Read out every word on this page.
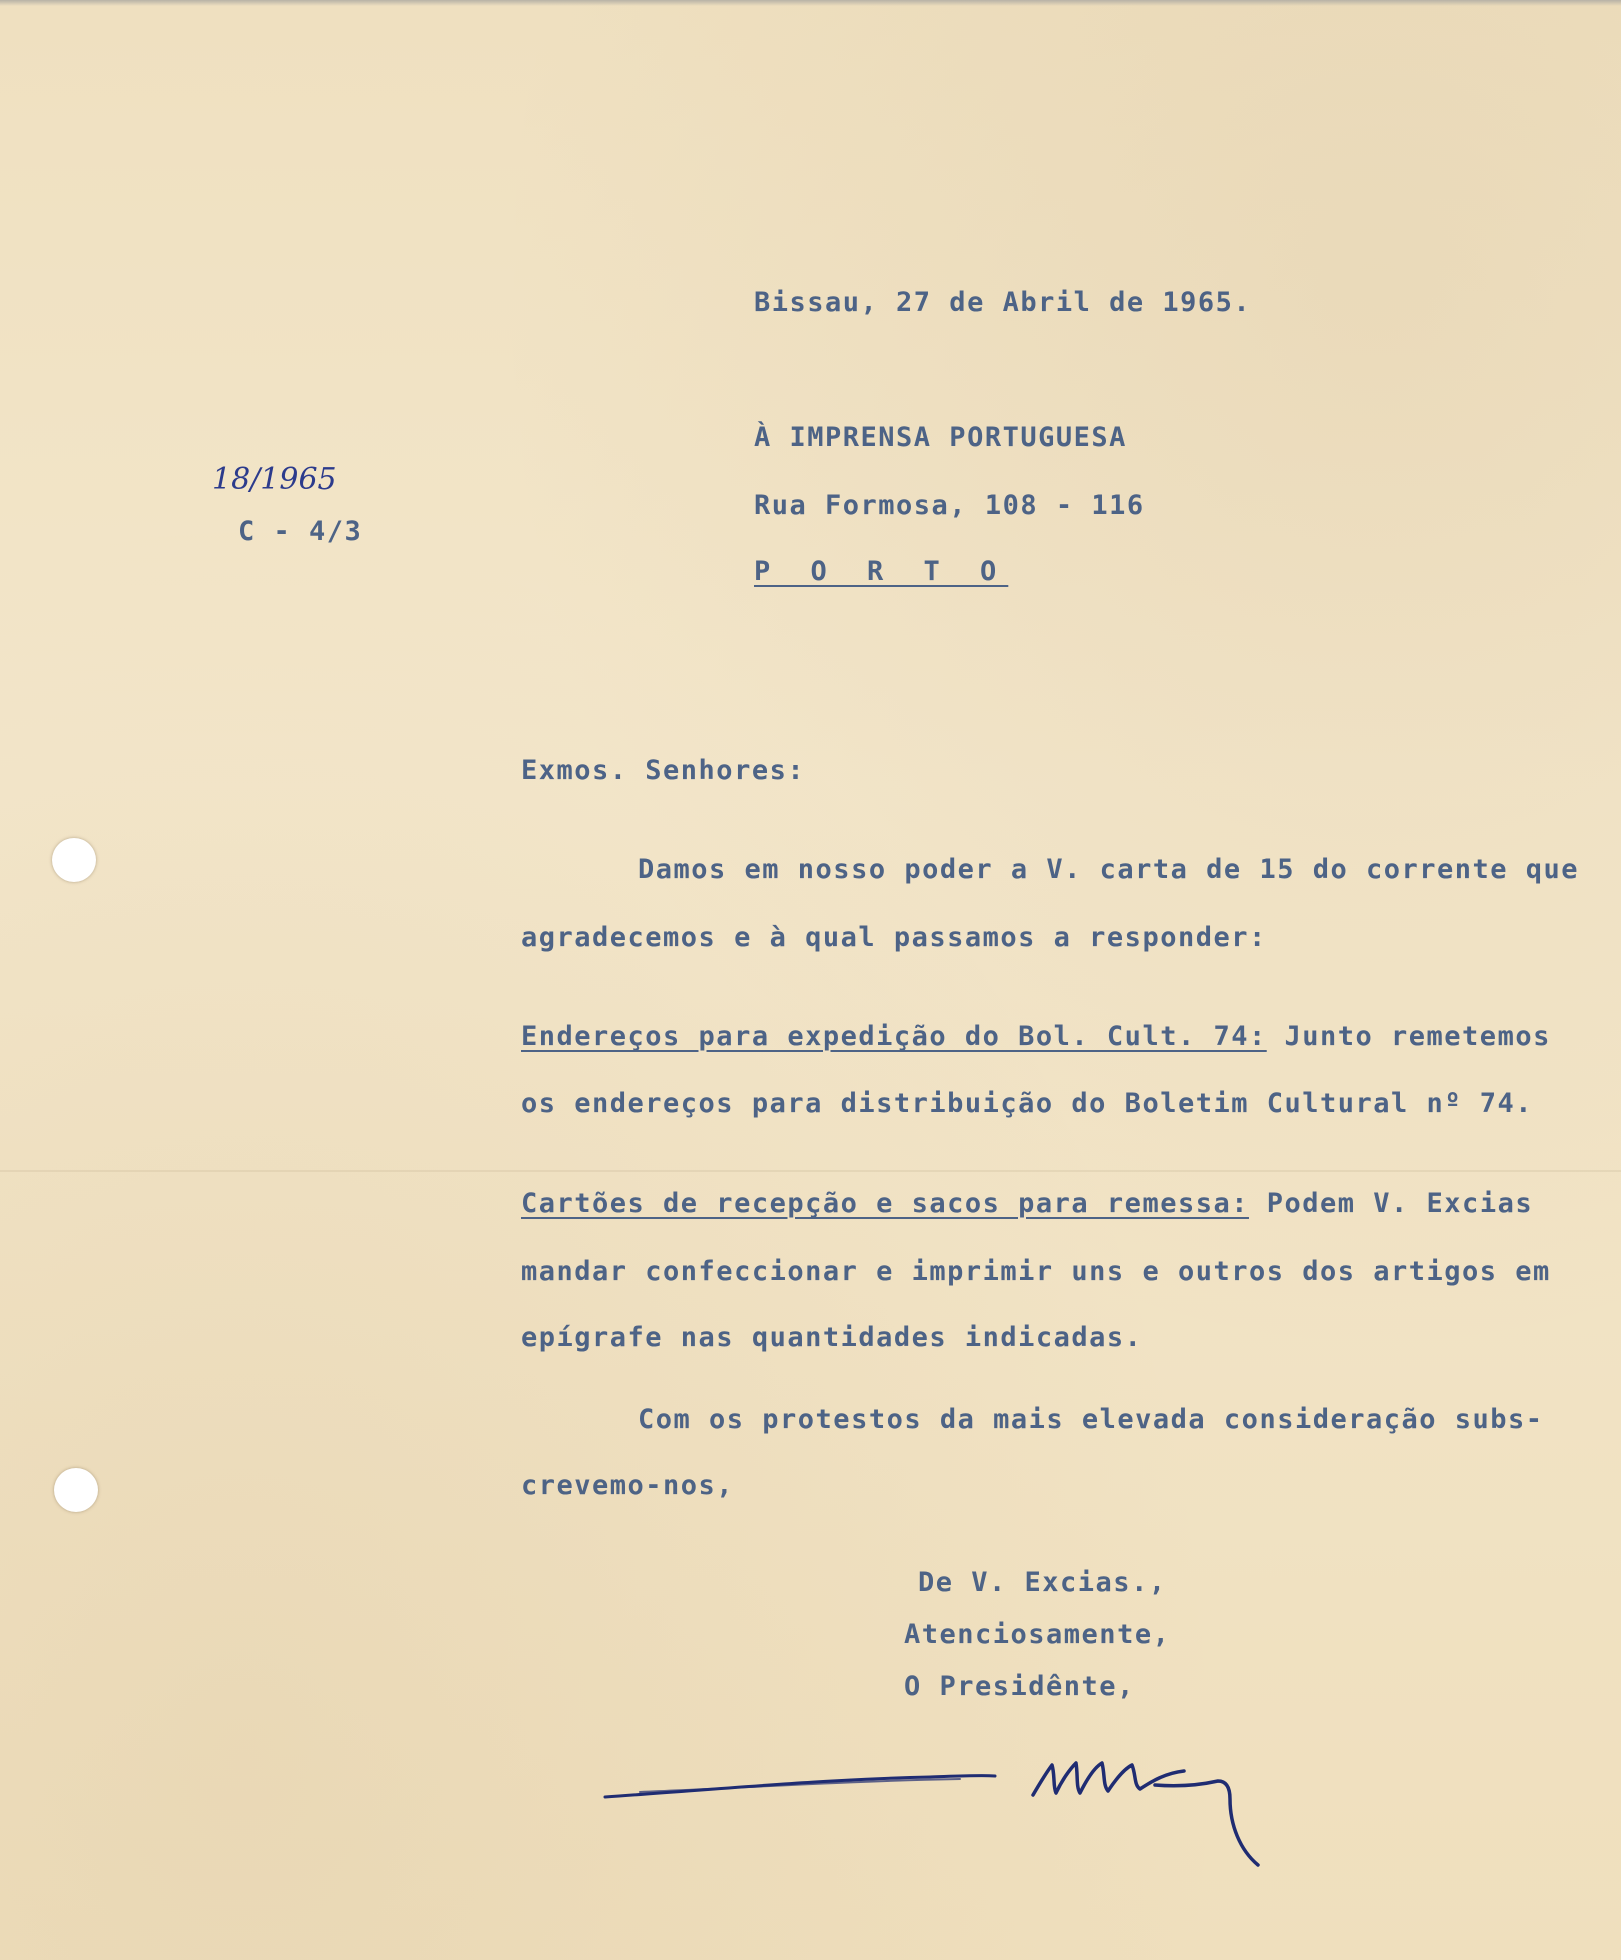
Bissau, 27 de Abril de 1965.
À IMPRENSA PORTUGUESA
Rua Formosa, 108 - 116
P O R T O
18/1965
C - 4/3
Exmos. Senhores:
Damos em nosso poder a V. carta de 15 do corrente que
agradecemos e à qual passamos a responder:
Endereços para expedição do Bol. Cult. 74: Junto remetemos
os endereços para distribuição do Boletim Cultural nº 74.
Cartões de recepção e sacos para remessa: Podem V. Excias
mandar confeccionar e imprimir uns e outros dos artigos em
epígrafe nas quantidades indicadas.
Com os protestos da mais elevada consideração subs-
crevemo-nos,
De V. Excias.,
Atenciosamente,
O Presidênte,
